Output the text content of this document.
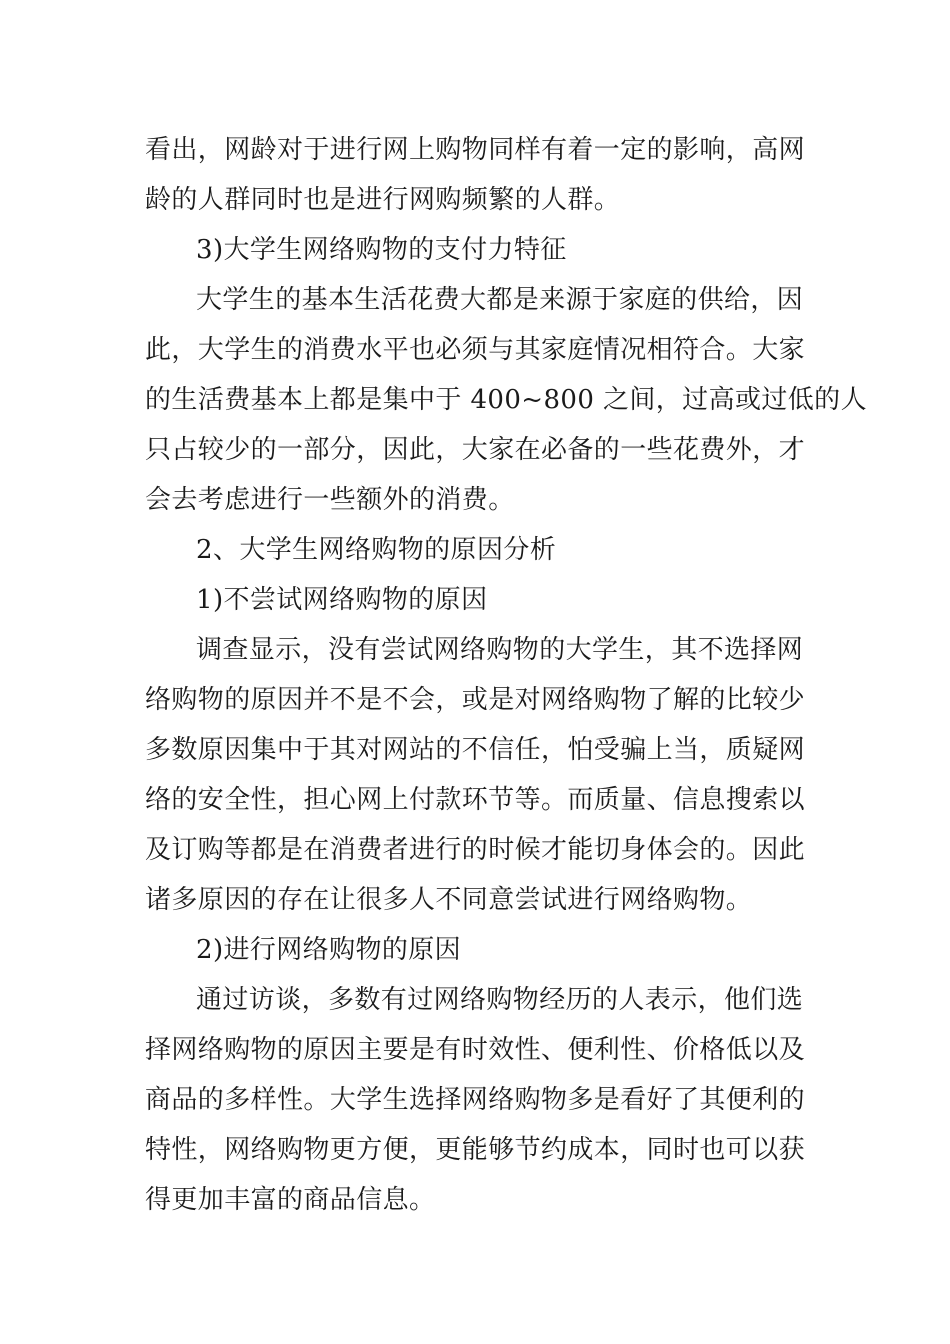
看出，网龄对于进行网上购物同样有着一定的影响，高网
龄的人群同时也是进行网购频繁的人群。
3)大学生网络购物的支付力特征
大学生的基本生活花费大都是来源于家庭的供给，因
此，大学生的消费水平也必须与其家庭情况相符合。大家
的生活费基本上都是集中于 400~800 之间，过高或过低的人
只占较少的一部分，因此，大家在必备的一些花费外，才
会去考虑进行一些额外的消费。
2、大学生网络购物的原因分析
1)不尝试网络购物的原因
调查显示，没有尝试网络购物的大学生，其不选择网
络购物的原因并不是不会，或是对网络购物了解的比较少
多数原因集中于其对网站的不信任，怕受骗上当，质疑网
络的安全性，担心网上付款环节等。而质量、信息搜索以
及订购等都是在消费者进行的时候才能切身体会的。因此
诸多原因的存在让很多人不同意尝试进行网络购物。
2)进行网络购物的原因
通过访谈，多数有过网络购物经历的人表示，他们选
择网络购物的原因主要是有时效性、便利性、价格低以及
商品的多样性。大学生选择网络购物多是看好了其便利的
特性，网络购物更方便，更能够节约成本，同时也可以获
得更加丰富的商品信息。
